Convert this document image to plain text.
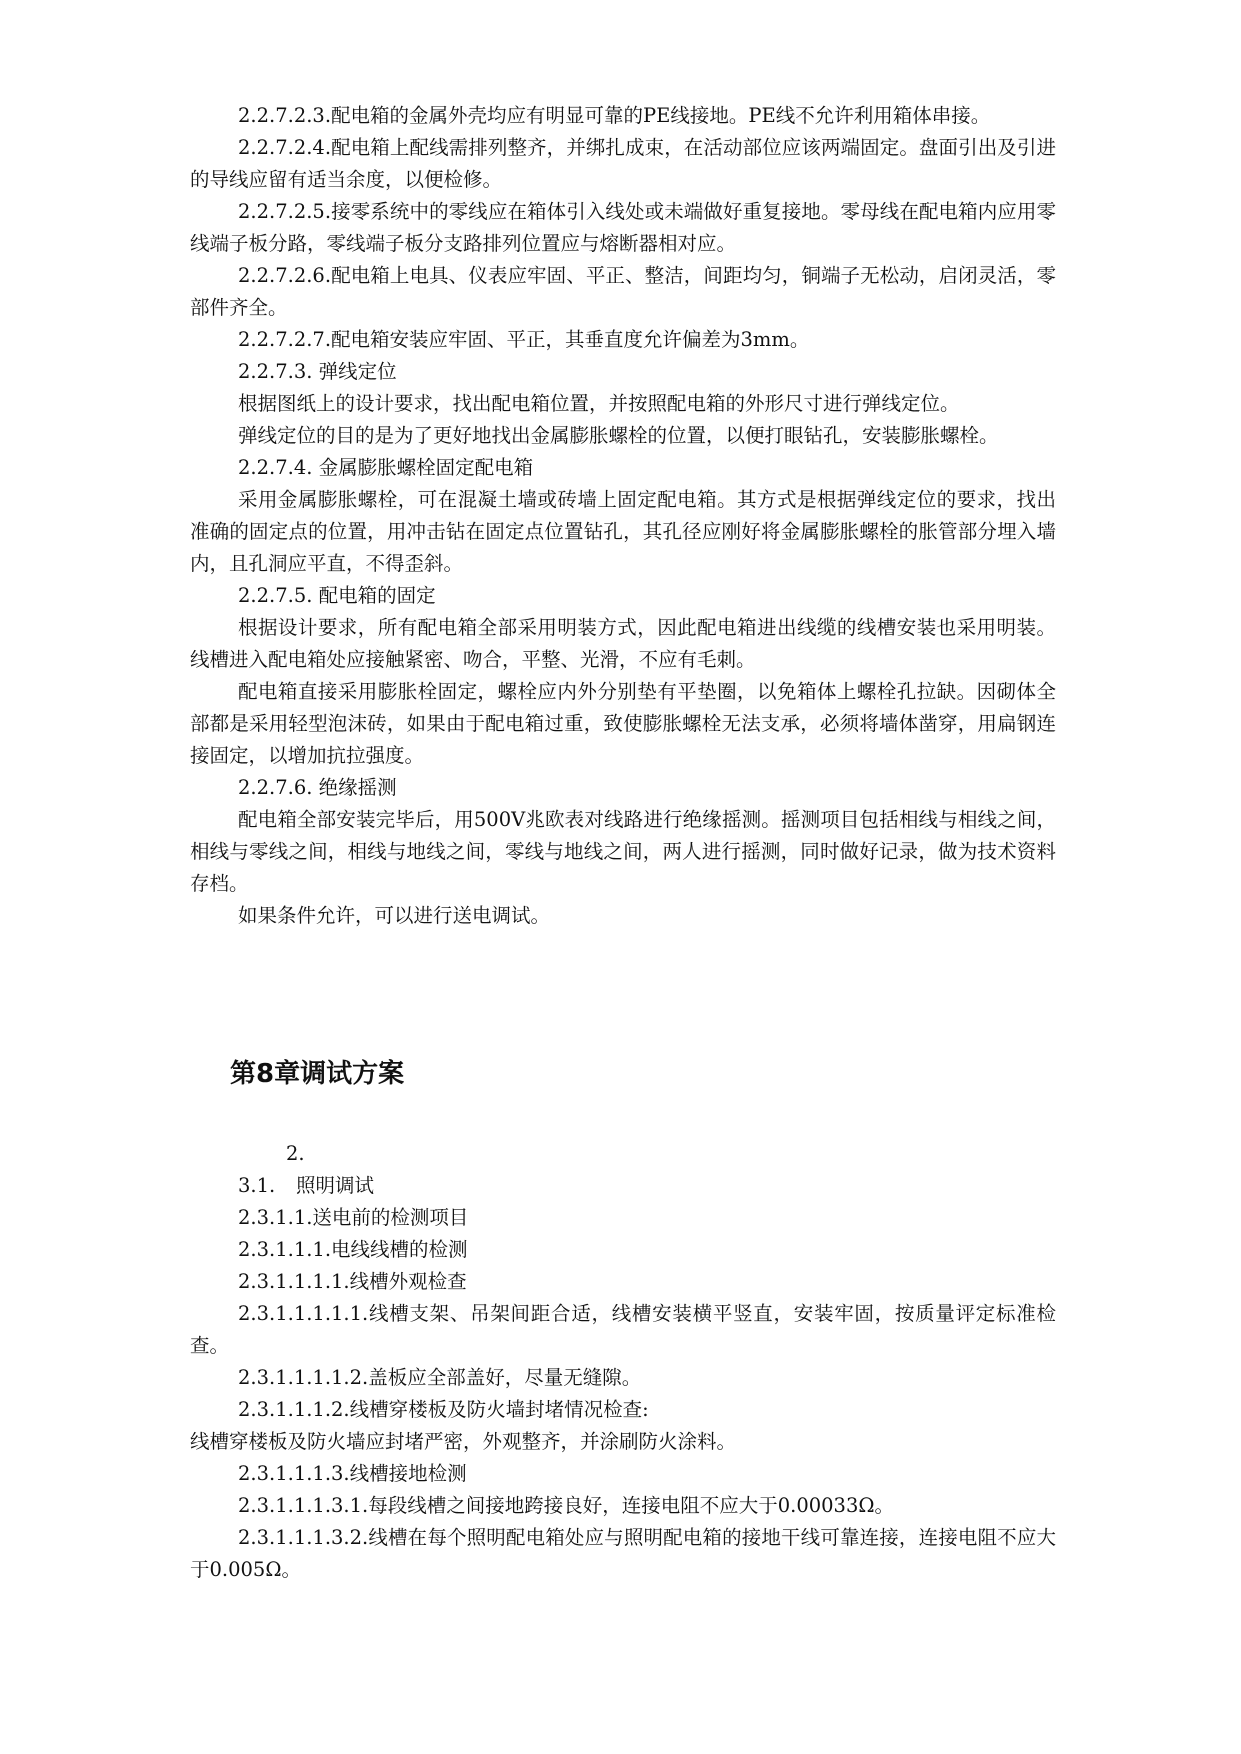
2.2.7.2.3.配电箱的金属外壳均应有明显可靠的PE线接地。PE线不允许利用箱体串接。

2.2.7.2.4.配电箱上配线需排列整齐，并绑扎成束，在活动部位应该两端固定。盘面引出及引进的导线应留有适当余度，以便检修。

2.2.7.2.5.接零系统中的零线应在箱体引入线处或未端做好重复接地。零母线在配电箱内应用零线端子板分路，零线端子板分支路排列位置应与熔断器相对应。

2.2.7.2.6.配电箱上电具、仪表应牢固、平正、整洁，间距均匀，铜端子无松动，启闭灵活，零部件齐全。

2.2.7.2.7.配电箱安装应牢固、平正，其垂直度允许偏差为3mm。

2.2.7.3. 弹线定位

根据图纸上的设计要求，找出配电箱位置，并按照配电箱的外形尺寸进行弹线定位。

弹线定位的目的是为了更好地找出金属膨胀螺栓的位置，以便打眼钻孔，安装膨胀螺栓。

2.2.7.4. 金属膨胀螺栓固定配电箱

采用金属膨胀螺栓，可在混凝土墙或砖墙上固定配电箱。其方式是根据弹线定位的要求，找出准确的固定点的位置，用冲击钻在固定点位置钻孔，其孔径应刚好将金属膨胀螺栓的胀管部分埋入墙内，且孔洞应平直，不得歪斜。

2.2.7.5. 配电箱的固定

根据设计要求，所有配电箱全部采用明装方式，因此配电箱进出线缆的线槽安装也采用明装。线槽进入配电箱处应接触紧密、吻合，平整、光滑，不应有毛刺。

配电箱直接采用膨胀栓固定，螺栓应内外分别垫有平垫圈，以免箱体上螺栓孔拉缺。因砌体全部都是采用轻型泡沫砖，如果由于配电箱过重，致使膨胀螺栓无法支承，必须将墙体凿穿，用扁钢连接固定，以增加抗拉强度。

2.2.7.6. 绝缘摇测

配电箱全部安装完毕后，用500V兆欧表对线路进行绝缘摇测。摇测项目包括相线与相线之间，相线与零线之间，相线与地线之间，零线与地线之间，两人进行摇测，同时做好记录，做为技术资料存档。

如果条件允许，可以进行送电调试。

第8章调试方案

2.3.1. 照明调试

2.3.1.1.送电前的检测项目

2.3.1.1.1.电线线槽的检测

2.3.1.1.1.1.线槽外观检查

2.3.1.1.1.1.1.线槽支架、吊架间距合适，线槽安装横平竖直，安装牢固，按质量评定标准检查。

2.3.1.1.1.1.2.盖板应全部盖好，尽量无缝隙。

2.3.1.1.1.2.线槽穿楼板及防火墙封堵情况检查:

线槽穿楼板及防火墙应封堵严密，外观整齐，并涂刷防火涂料。

2.3.1.1.1.3.线槽接地检测

2.3.1.1.1.3.1.每段线槽之间接地跨接良好，连接电阻不应大于0.00033Ω。

2.3.1.1.1.3.2.线槽在每个照明配电箱处应与照明配电箱的接地干线可靠连接，连接电阻不应大于0.005Ω。
